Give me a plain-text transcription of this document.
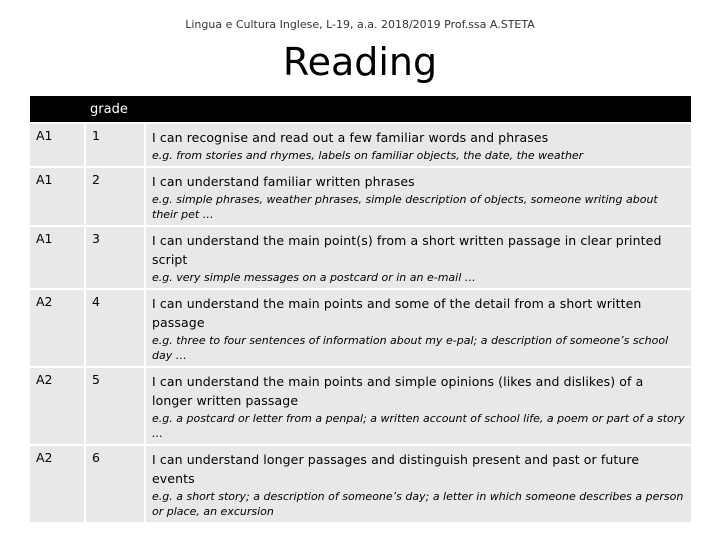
Lingua e Cultura Inglese, L-19, a.a. 2018/2019 Prof.ssa A.STETA
Reading
	grade	
A1	1	I can recognise and read out a few familiar words and phrases
e.g. from stories and rhymes, labels on familiar objects, the date, the weather

A1	2	I can understand familiar written phrases
e.g. simple phrases, weather phrases, simple description of objects, someone writing about their pet …

A1	3	I can understand the main point(s) from a short written passage in clear printed script
e.g. very simple messages on a postcard or in an e-mail …

A2	4	I can understand the main points and some of the detail from a short written passage
e.g. three to four sentences of information about my e-pal; a description of someone’s school day …

A2	5	I can understand the main points and simple opinions (likes and dislikes) of a longer written passage
e.g. a postcard or letter from a penpal; a written account of school life, a poem or part of a story …

A2	6	I can understand longer passages and distinguish present and past or future events
e.g. a short story; a description of someone’s day; a letter in which someone describes a person or place, an excursion
